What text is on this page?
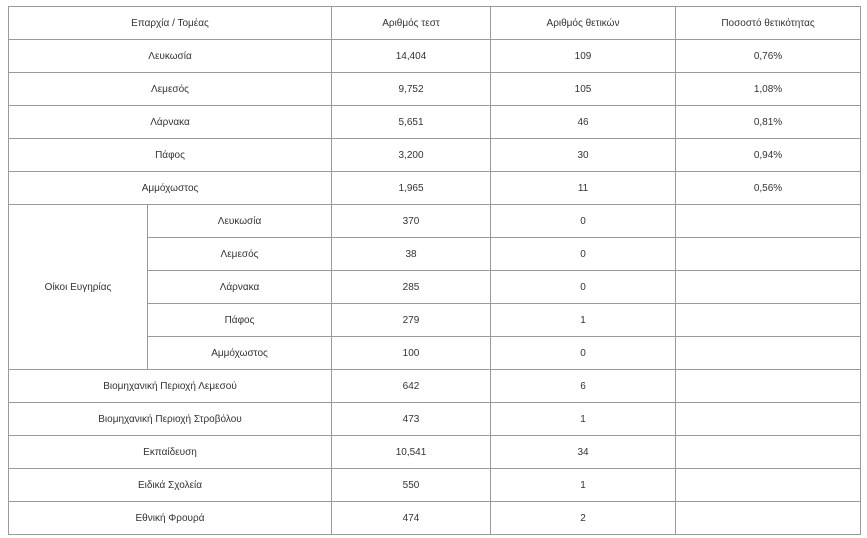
Επαρχία / Τομέας		Αριθμός τεστ	Αριθμός θετικών	Ποσοστό θετικότητας
Λευκωσία		14,404	109	0,76%
Λεμεσός		9,752	105	1,08%
Λάρνακα		5,651	46	0,81%
Πάφος		3,200	30	0,94%
Αμμόχωστος		1,965	11	0,56%
Οίκοι Ευγηρίας	Λευκωσία	370	0	
	Λεμεσός	38	0	
	Λάρνακα	285	0	
	Πάφος	279	1	
	Αμμόχωστος	100	0	
Βιομηχανική Περιοχή Λεμεσού		642	6	
Βιομηχανική Περιοχή Στροβόλου		473	1	
Εκπαίδευση		10,541	34	
Ειδικά Σχολεία		550	1	
Εθνική Φρουρά		474	2	
